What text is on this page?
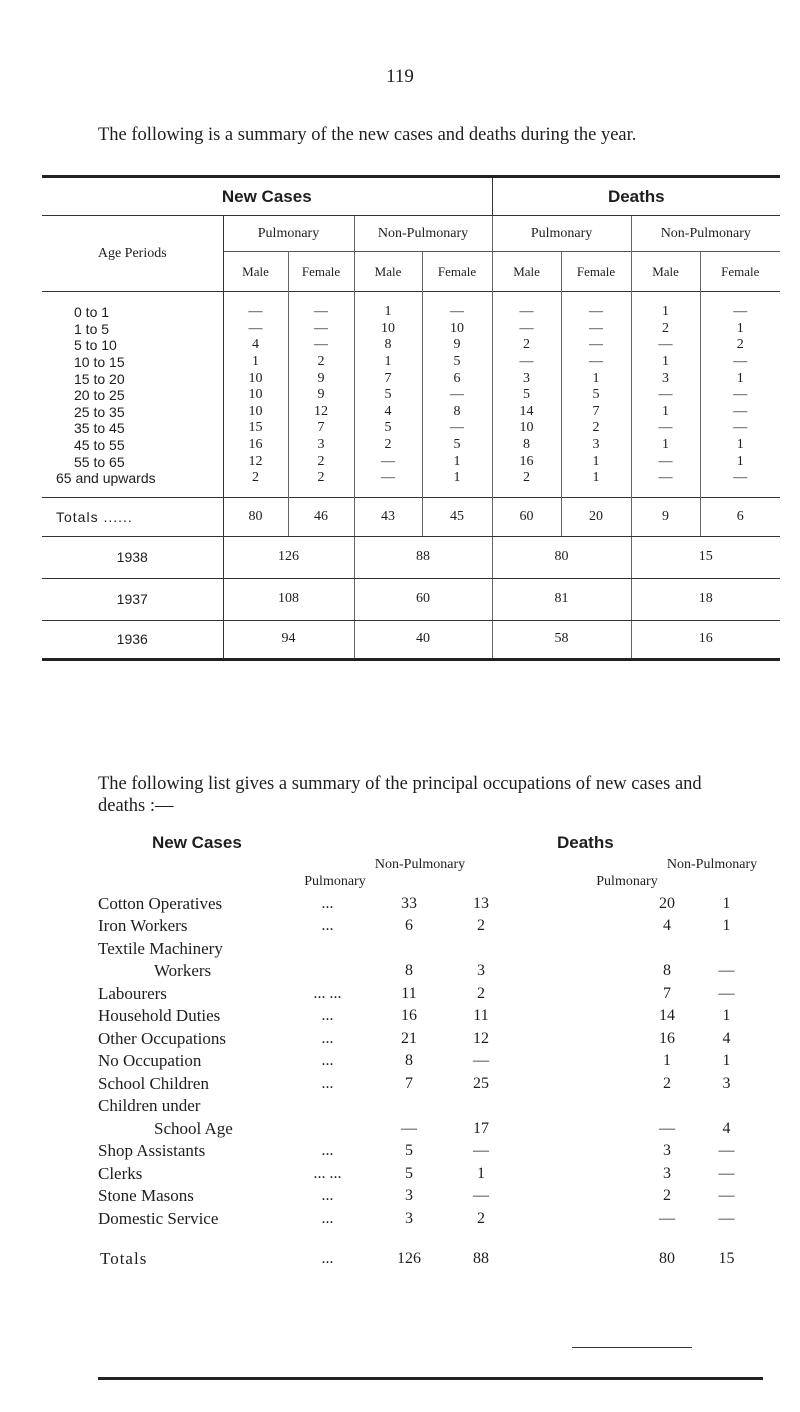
119
The following is a summary of the new cases and deaths during the year.
New Cases					Deaths			
Age Periods	Pulmonary		Non-Pulmonary		Pulmonary		Non-Pulmonary	
	Male	Female	Male	Female	Male	Female	Male	Female
0 to 1	—	—	1	—	—	—	1	—
1 to 5	—	—	10	10	—	—	2	1
5 to 10	4	—	8	9	2	—	—	2
10 to 15	1	2	1	5	—	—	1	—
15 to 20	10	9	7	6	3	1	3	1
20 to 25	10	9	5	—	5	5	—	—
25 to 35	10	12	4	8	14	7	1	—
35 to 45	15	7	5	—	10	2	—	—
45 to 55	16	3	2	5	8	3	1	1
55 to 65	12	2	—	1	16	1	—	1
65 and upwards	2	2	—	1	2	1	—	—
Totals ......	80	46	43	45	60	20	9	6
1938	126		88		80		15	
1937	108		60		81		18	
1936	94		40		58		16	
The following list gives a summary of the principal occupations of new cases and deaths :—
New Cases	Deaths
Pulmonary
Non-Pulmonary
Pulmonary
Non-Pulmonary
Cotton Operatives	...	33	13		20	1
Iron Workers	...	6	2		4	1
Textile Machinery						
Workers		8	3		8	—
Labourers	... ...	11	2		7	—
Household Duties	...	16	11		14	1
Other Occupations	...	21	12		16	4
No Occupation	...	8	—		1	1
School Children	...	7	25		2	3
Children under						
School Age		—	17		—	4
Shop Assistants	...	5	—		3	—
Clerks	... ...	5	1		3	—
Stone Masons	...	3	—		2	—
Domestic Service	...	3	2		—	—
Totals	...	126	88		80	15
